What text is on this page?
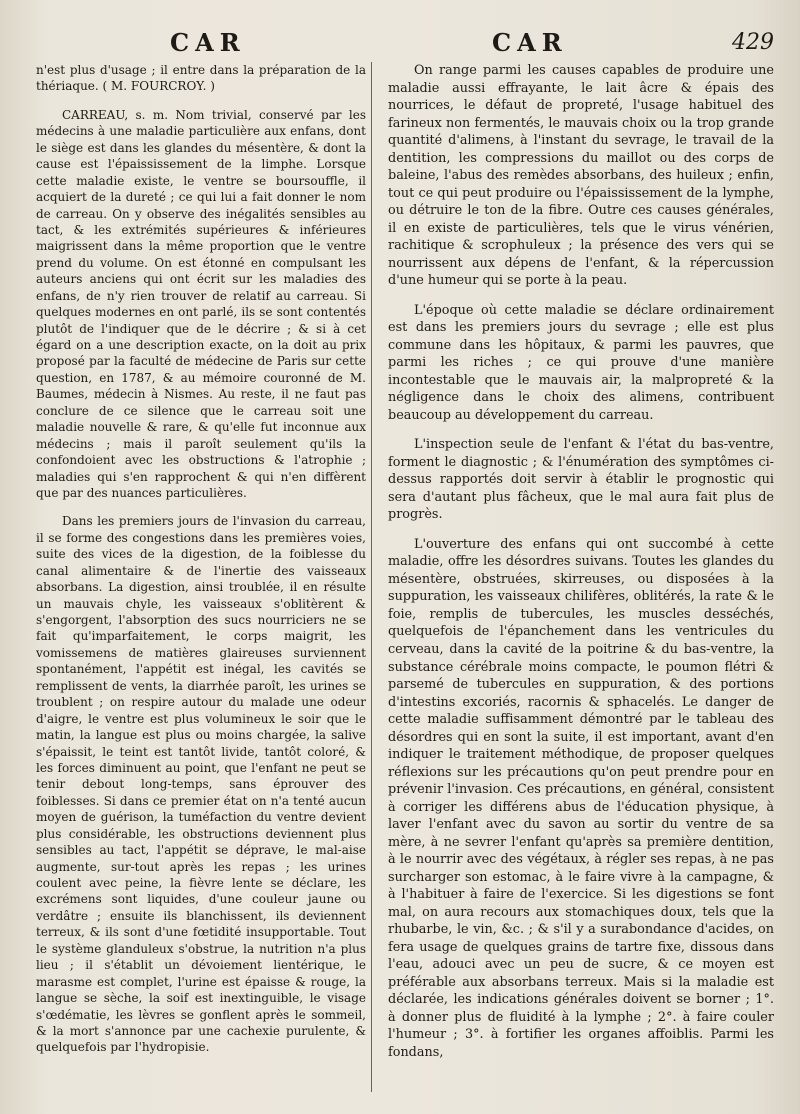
CAR	CAR	429

n'est plus d'usage ; il entre dans la préparation de la thériaque. ( M. FOURCROY. )

CARREAU, s. m. Nom trivial, conservé par les médecins à une maladie particulière aux enfans, dont le siège est dans les glandes du mésentère, & dont la cause est l'épaississement de la limphe. Lorsque cette maladie existe, le ventre se boursouffle, il acquiert de la dureté ; ce qui lui a fait donner le nom de carreau. On y observe des inégalités sensibles au tact, & les extrémités supérieures & inférieures maigrissent dans la même proportion que le ventre prend du volume. On est étonné en compulsant les auteurs anciens qui ont écrit sur les maladies des enfans, de n'y rien trouver de relatif au carreau. Si quelques modernes en ont parlé, ils se sont contentés plutôt de l'indiquer que de le décrire ; & si à cet égard on a une description exacte, on la doit au prix proposé par la faculté de médecine de Paris sur cette question, en 1787, & au mémoire couronné de M. Baumes, médecin à Nismes. Au reste, il ne faut pas conclure de ce silence que le carreau soit une maladie nouvelle & rare, & qu'elle fut inconnue aux médecins ; mais il paroît seulement qu'ils la confondoient avec les obstructions & l'atrophie ; maladies qui s'en rapprochent & qui n'en diffèrent que par des nuances particulières.

Dans les premiers jours de l'invasion du carreau, il se forme des congestions dans les premières voies, suite des vices de la digestion, de la foiblesse du canal alimentaire & de l'inertie des vaisseaux absorbans. La digestion, ainsi troublée, il en résulte un mauvais chyle, les vaisseaux s'oblitèrent & s'engorgent, l'absorption des sucs nourriciers ne se fait qu'imparfaitement, le corps maigrit, les vomissemens de matières glaireuses surviennent spontanément, l'appétit est inégal, les cavités se remplissent de vents, la diarrhée paroît, les urines se troublent ; on respire autour du malade une odeur d'aigre, le ventre est plus volumineux le soir que le matin, la langue est plus ou moins chargée, la salive s'épaissit, le teint est tantôt livide, tantôt coloré, & les forces diminuent au point, que l'enfant ne peut se tenir debout long-temps, sans éprouver des foiblesses. Si dans ce premier état on n'a tenté aucun moyen de guérison, la tuméfaction du ventre devient plus considérable, les obstructions deviennent plus sensibles au tact, l'appétit se déprave, le mal-aise augmente, sur-tout après les repas ; les urines coulent avec peine, la fièvre lente se déclare, les excrémens sont liquides, d'une couleur jaune ou verdâtre ; ensuite ils blanchissent, ils deviennent terreux, & ils sont d'une fœtidité insupportable. Tout le système glanduleux s'obstrue, la nutrition n'a plus lieu ; il s'établit un dévoiement lientérique, le marasme est complet, l'urine est épaisse & rouge, la langue se sèche, la soif est inextinguible, le visage s'œdématie, les lèvres se gonflent après le sommeil, & la mort s'annonce par une cachexie purulente, & quelquefois par l'hydropisie.

On range parmi les causes capables de produire une maladie aussi effrayante, le lait âcre & épais des nourrices, le défaut de propreté, l'usage habituel des farineux non fermentés, le mauvais choix ou la trop grande quantité d'alimens, à l'instant du sevrage, le travail de la dentition, les compressions du maillot ou des corps de baleine, l'abus des remèdes absorbans, des huileux ; enfin, tout ce qui peut produire ou l'épaississement de la lymphe, ou détruire le ton de la fibre. Outre ces causes générales, il en existe de particulières, tels que le virus vénérien, rachitique & scrophuleux ; la présence des vers qui se nourrissent aux dépens de l'enfant, & la répercussion d'une humeur qui se porte à la peau.

L'époque où cette maladie se déclare ordinairement est dans les premiers jours du sevrage ; elle est plus commune dans les hôpitaux, & parmi les pauvres, que parmi les riches ; ce qui prouve d'une manière incontestable que le mauvais air, la malpropreté & la négligence dans le choix des alimens, contribuent beaucoup au développement du carreau.

L'inspection seule de l'enfant & l'état du bas-ventre, forment le diagnostic ; & l'énumération des symptômes ci-dessus rapportés doit servir à établir le prognostic qui sera d'autant plus fâcheux, que le mal aura fait plus de progrès.

L'ouverture des enfans qui ont succombé à cette maladie, offre les désordres suivans. Toutes les glandes du mésentère, obstruées, skirreuses, ou disposées à la suppuration, les vaisseaux chilifères, oblitérés, la rate & le foie, remplis de tubercules, les muscles desséchés, quelquefois de l'épanchement dans les ventricules du cerveau, dans la cavité de la poitrine & du bas-ventre, la substance cérébrale moins compacte, le poumon flétri & parsemé de tubercules en suppuration, & des portions d'intestins excoriés, racornis & sphacelés. Le danger de cette maladie suffisamment démontré par le tableau des désordres qui en sont la suite, il est important, avant d'en indiquer le traitement méthodique, de proposer quelques réflexions sur les précautions qu'on peut prendre pour en prévenir l'invasion. Ces précautions, en général, consistent à corriger les différens abus de l'éducation physique, à laver l'enfant avec du savon au sortir du ventre de sa mère, à ne sevrer l'enfant qu'après sa première dentition, à le nourrir avec des végétaux, à régler ses repas, à ne pas surcharger son estomac, à le faire vivre à la campagne, & à l'habituer à faire de l'exercice. Si les digestions se font mal, on aura recours aux stomachiques doux, tels que la rhubarbe, le vin, &c. ; & s'il y a surabondance d'acides, on fera usage de quelques grains de tartre fixe, dissous dans l'eau, adouci avec un peu de sucre, & ce moyen est préférable aux absorbans terreux. Mais si la maladie est déclarée, les indications générales doivent se borner ; 1°. à donner plus de fluidité à la lymphe ; 2°. à faire couler l'humeur ; 3°. à fortifier les organes affoiblis. Parmi les fondans,
